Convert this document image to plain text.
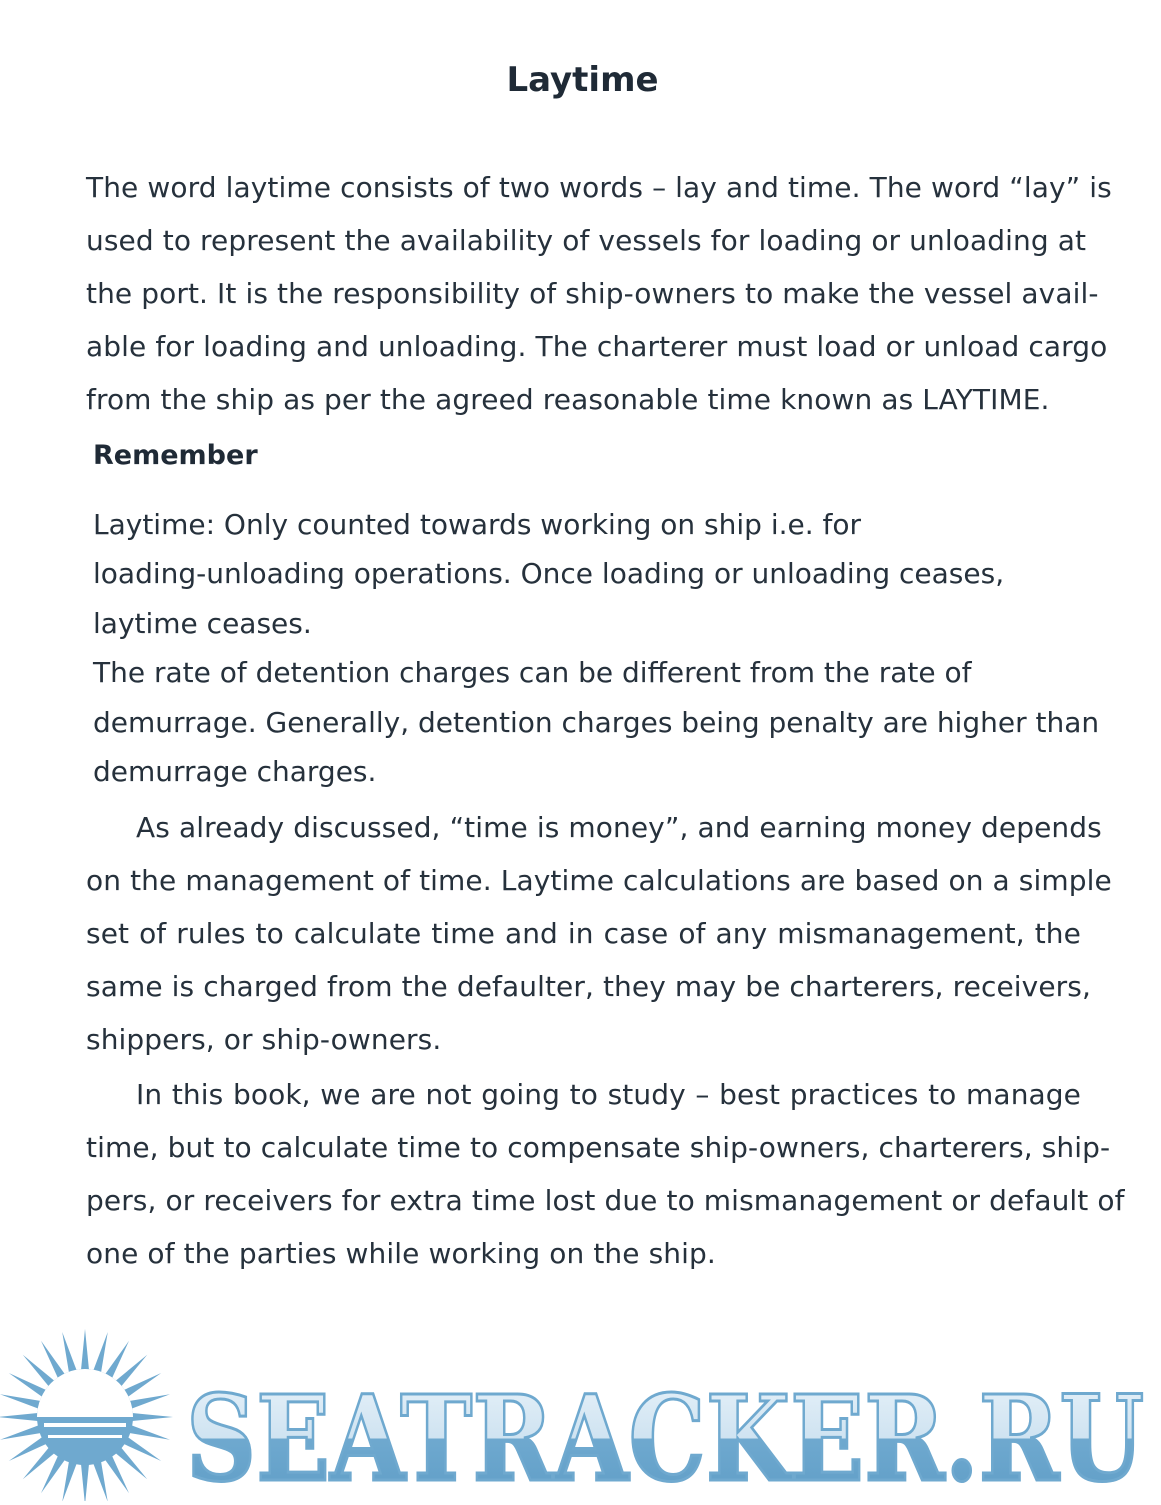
Laytime
The word laytime consists of two words – lay and time. The word “lay” is
used to represent the availability of vessels for loading or unloading at
the port. It is the responsibility of ship-owners to make the vessel avail-
able for loading and unloading. The charterer must load or unload cargo
from the ship as per the agreed reasonable time known as LAYTIME.
Remember
Laytime: Only counted towards working on ship i.e. for
loading-unloading operations. Once loading or unloading ceases,
laytime ceases.
The rate of detention charges can be different from the rate of
demurrage. Generally, detention charges being penalty are higher than
demurrage charges.
As already discussed, “time is money”, and earning money depends
on the management of time. Laytime calculations are based on a simple
set of rules to calculate time and in case of any mismanagement, the
same is charged from the defaulter, they may be charterers, receivers,
shippers, or ship-owners.
In this book, we are not going to study – best practices to manage
time, but to calculate time to compensate ship-owners, charterers, ship-
pers, or receivers for extra time lost due to mismanagement or default of
one of the parties while working on the ship.
SEATRACKER.RU
